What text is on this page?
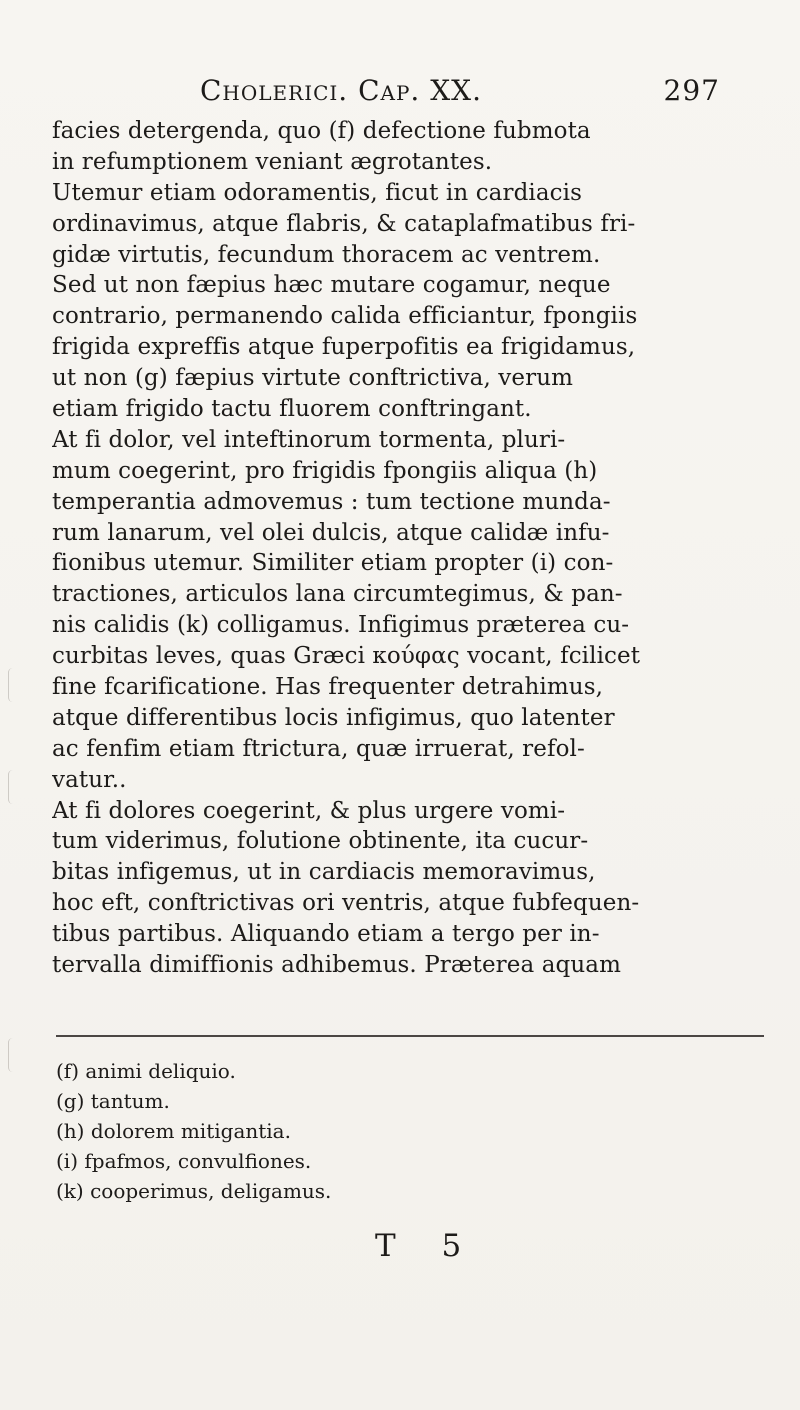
Cholerici. Cap. XX.	297
facies detergenda, quo (f) defectione fubmota
in refumptionem veniant ægrotantes.
Utemur etiam odoramentis, ficut in cardiacis
ordinavimus, atque flabris, & cataplafmatibus fri-
gidæ virtutis, fecundum thoracem ac ventrem.
Sed ut non fæpius hæc mutare cogamur, neque
contrario, permanendo calida efficiantur, fpongiis
frigida expreffis atque fuperpofitis ea frigidamus,
ut non (g) fæpius virtute conftrictiva, verum
etiam frigido tactu fluorem conftringant.
At fi dolor, vel inteftinorum tormenta, pluri-
mum coegerint, pro frigidis fpongiis aliqua (h)
temperantia admovemus : tum tectione munda-
rum lanarum, vel olei dulcis, atque calidæ infu-
fionibus utemur. Similiter etiam propter (i) con-
tractiones, articulos lana circumtegimus, & pan-
nis calidis (k) colligamus. Infigimus præterea cu-
curbitas leves, quas Græci κούφας vocant, fcilicet
fine fcarificatione. Has frequenter detrahimus,
atque differentibus locis infigimus, quo latenter
ac fenfim etiam ftrictura, quæ irruerat, refol-
vatur..
At fi dolores coegerint, & plus urgere vomi-
tum viderimus, folutione obtinente, ita cucur-
bitas infigemus, ut in cardiacis memoravimus,
hoc eft, conftrictivas ori ventris, atque fubfequen-
tibus partibus. Aliquando etiam a tergo per in-
tervalla dimiffionis adhibemus. Præterea aquam
(f) animi deliquio.
(g) tantum.
(h) dolorem mitigantia.
(i) fpafmos, convulfiones.
(k) cooperimus, deligamus.
T 5
